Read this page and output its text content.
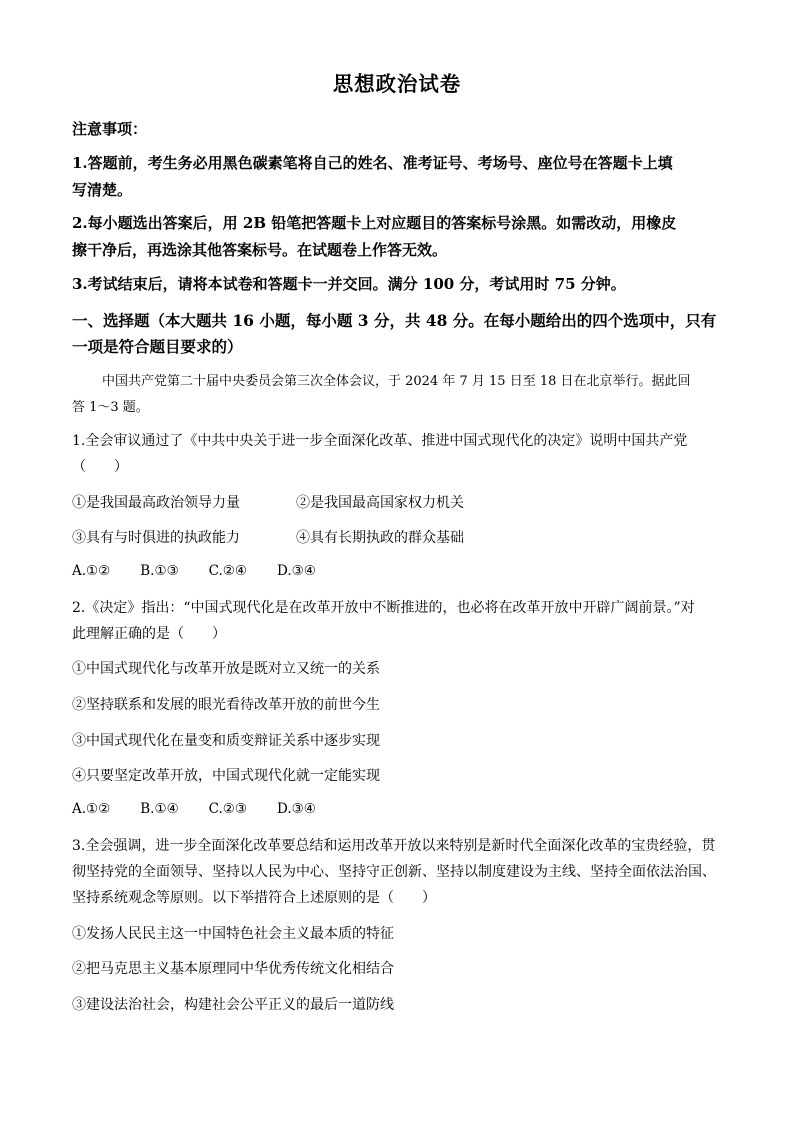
思想政治试卷
注意事项：
1.答题前，考生务必用黑色碳素笔将自己的姓名、准考证号、考场号、座位号在答题卡上填
写清楚。
2.每小题选出答案后，用 2B 铅笔把答题卡上对应题目的答案标号涂黑。如需改动，用橡皮
擦干净后，再选涂其他答案标号。在试题卷上作答无效。
3.考试结束后，请将本试卷和答题卡一并交回。满分 100 分，考试用时 75 分钟。
一、选择题（本大题共 16 小题，每小题 3 分，共 48 分。在每小题给出的四个选项中，只有
一项是符合题目要求的）
中国共产党第二十届中央委员会第三次全体会议，于 2024 年 7 月 15 日至 18 日在北京举行。据此回
答 1～3 题。
1.全会审议通过了《中共中央关于进一步全面深化改革、推进中国式现代化的决定》说明中国共产党
（　　）
①是我国最高政治领导力量	②是我国最高国家权力机关
③具有与时俱进的执政能力	④具有长期执政的群众基础
A.①② B.①③ C.②④ D.③④
2.《决定》指出：“中国式现代化是在改革开放中不断推进的，也必将在改革开放中开辟广阔前景。”对
此理解正确的是（　　）
①中国式现代化与改革开放是既对立又统一的关系
②坚持联系和发展的眼光看待改革开放的前世今生
③中国式现代化在量变和质变辩证关系中逐步实现
④只要坚定改革开放，中国式现代化就一定能实现
A.①② B.①④ C.②③ D.③④
3.全会强调，进一步全面深化改革要总结和运用改革开放以来特别是新时代全面深化改革的宝贵经验，贯
彻坚持党的全面领导、坚持以人民为中心、坚持守正创新、坚持以制度建设为主线、坚持全面依法治国、
坚持系统观念等原则。以下举措符合上述原则的是（　　）
①发扬人民民主这一中国特色社会主义最本质的特征
②把马克思主义基本原理同中华优秀传统文化相结合
③建设法治社会，构建社会公平正义的最后一道防线
